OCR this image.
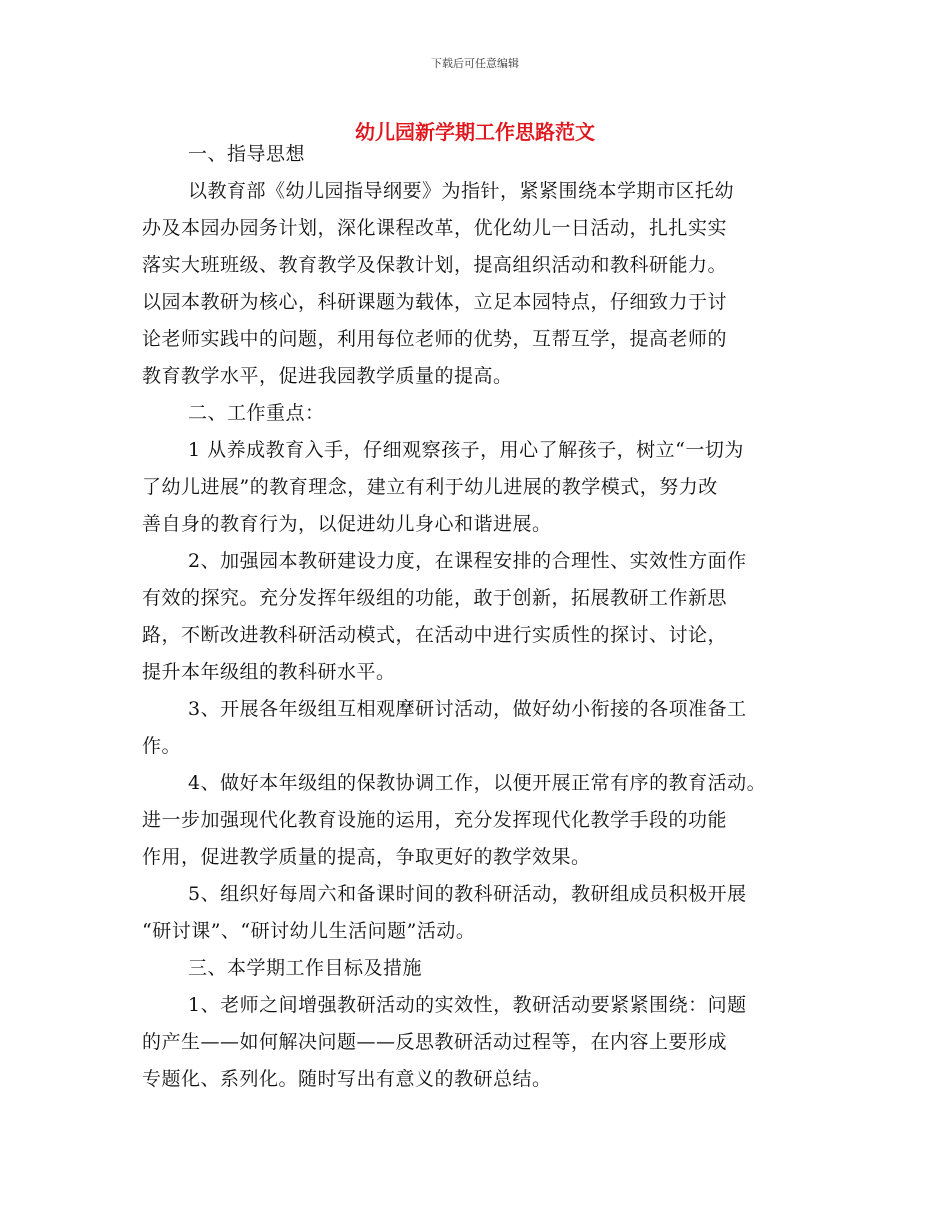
下载后可任意编辑
幼儿园新学期工作思路范文
一、指导思想
以教育部《幼儿园指导纲要》为指针，紧紧围绕本学期市区托幼
办及本园办园务计划，深化课程改革，优化幼儿一日活动，扎扎实实
落实大班班级、教育教学及保教计划，提高组织活动和教科研能力。
以园本教研为核心，科研课题为载体，立足本园特点，仔细致力于讨
论老师实践中的问题，利用每位老师的优势，互帮互学，提高老师的
教育教学水平，促进我园教学质量的提高。
二、工作重点：
1 从养成教育入手，仔细观察孩子，用心了解孩子，树立“一切为
了幼儿进展”的教育理念，建立有利于幼儿进展的教学模式，努力改
善自身的教育行为，以促进幼儿身心和谐进展。
2、加强园本教研建设力度，在课程安排的合理性、实效性方面作
有效的探究。充分发挥年级组的功能，敢于创新，拓展教研工作新思
路，不断改进教科研活动模式，在活动中进行实质性的探讨、讨论，
提升本年级组的教科研水平。
3、开展各年级组互相观摩研讨活动，做好幼小衔接的各项准备工
作。
4、做好本年级组的保教协调工作，以便开展正常有序的教育活动。
进一步加强现代化教育设施的运用，充分发挥现代化教学手段的功能
作用，促进教学质量的提高，争取更好的教学效果。
5、组织好每周六和备课时间的教科研活动，教研组成员积极开展
“研讨课”、“研讨幼儿生活问题”活动。
三、本学期工作目标及措施
1、老师之间增强教研活动的实效性，教研活动要紧紧围绕：问题
的产生——如何解决问题——反思教研活动过程等，在内容上要形成
专题化、系列化。随时写出有意义的教研总结。
